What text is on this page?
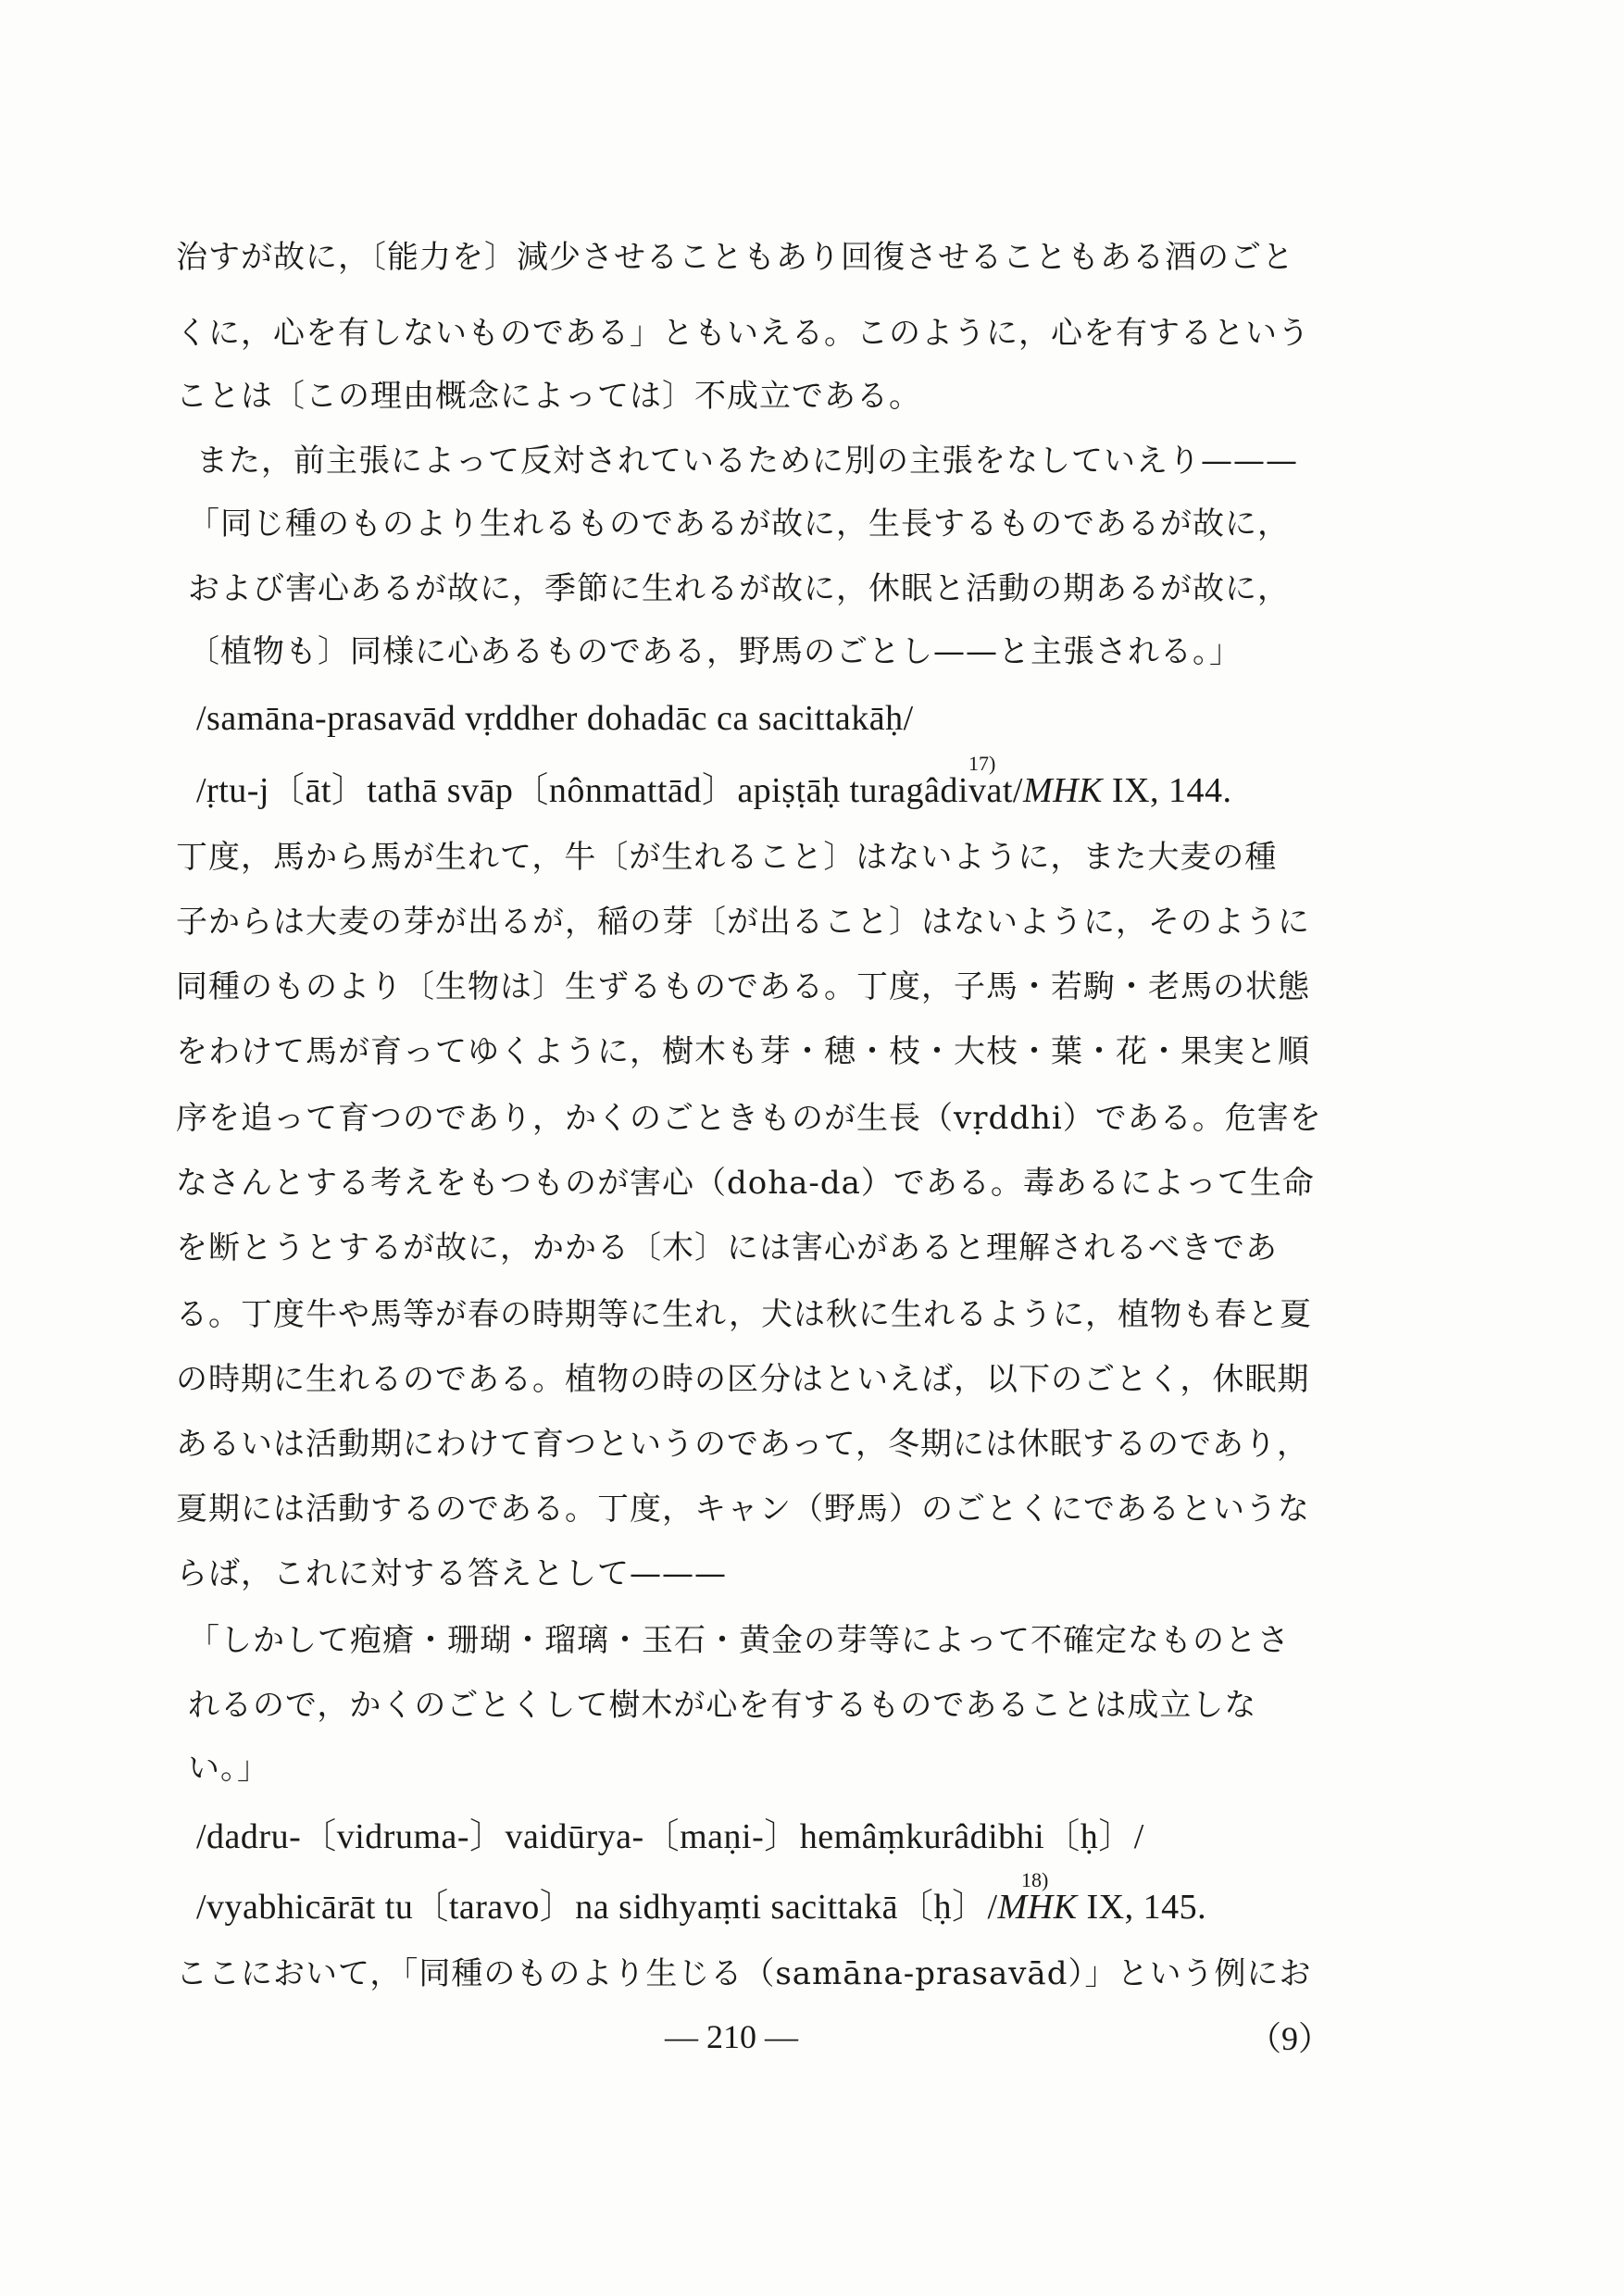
治すが故に，〔能力を〕減少させることもあり回復させることもある酒のごと
くに，心を有しないものである」ともいえる。このように，心を有するという
ことは〔この理由概念によっては〕不成立である。
また，前主張によって反対されているために別の主張をなしていえり———
「同じ種のものより生れるものであるが故に，生長するものであるが故に，
および害心あるが故に，季節に生れるが故に，休眠と活動の期あるが故に，
〔植物も〕同様に心あるものである，野馬のごとし——と主張される。」
/samāna-prasavād vṛddher dohadāc ca sacittakāḥ/
17)
/ṛtu-j〔āt〕tathā svāp〔nônmattād〕apiṣṭāḥ turagâdivat/MHK IX, 144.
丁度，馬から馬が生れて，牛〔が生れること〕はないように，また大麦の種
子からは大麦の芽が出るが，稲の芽〔が出ること〕はないように，そのように
同種のものより〔生物は〕生ずるものである。丁度，子馬・若駒・老馬の状態
をわけて馬が育ってゆくように，樹木も芽・穂・枝・大枝・葉・花・果実と順
序を追って育つのであり，かくのごときものが生長（vṛddhi）である。危害を
なさんとする考えをもつものが害心（doha-da）である。毒あるによって生命
を断とうとするが故に，かかる〔木〕には害心があると理解されるべきであ
る。丁度牛や馬等が春の時期等に生れ，犬は秋に生れるように，植物も春と夏
の時期に生れるのである。植物の時の区分はといえば，以下のごとく，休眠期
あるいは活動期にわけて育つというのであって，冬期には休眠するのであり，
夏期には活動するのである。丁度，キャン（野馬）のごとくにであるというな
らば，これに対する答えとして———
「しかして疱瘡・珊瑚・瑠璃・玉石・黄金の芽等によって不確定なものとさ
れるので，かくのごとくして樹木が心を有するものであることは成立しな
い。」
/dadru-〔vidruma-〕vaidūrya-〔maṇi-〕hemâṃkurâdibhi〔ḥ〕/
18)
/vyabhicārāt tu〔taravo〕na sidhyaṃti sacittakā〔ḥ〕/MHK IX, 145.
ここにおいて，「同種のものより生じる（samāna-prasavād）」という例にお
— 210 —	（9）
